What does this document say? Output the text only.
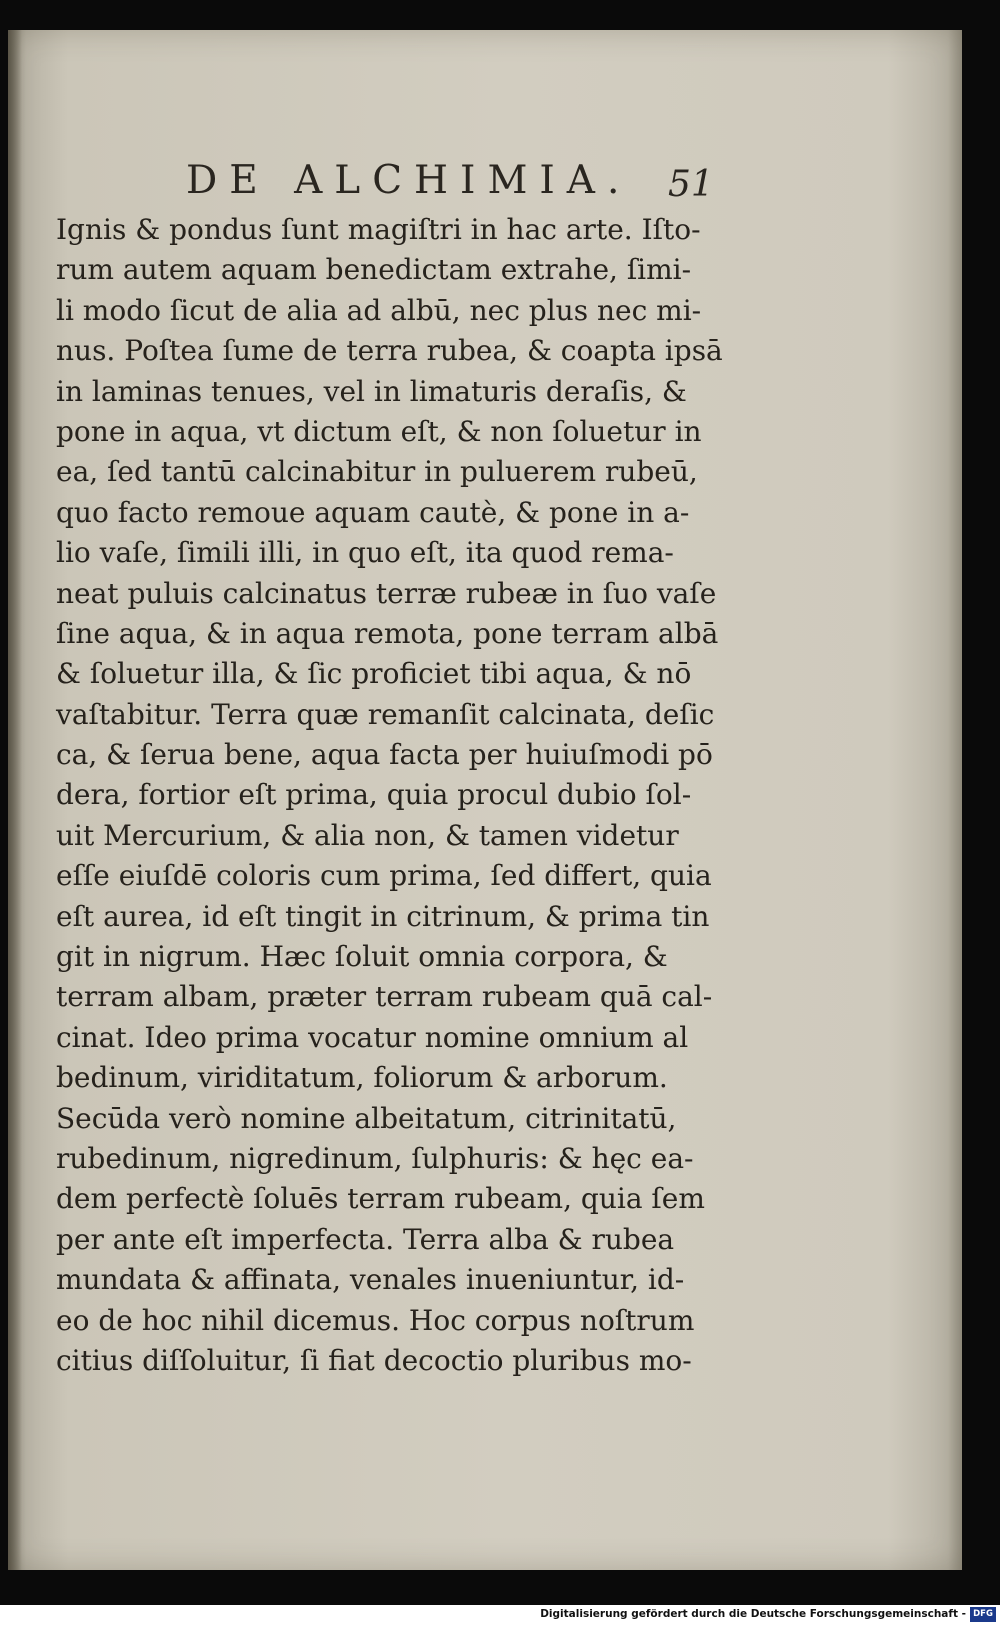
DE ALCHIMIA. 51
Ignis & pondus ſunt magiſtri in hac arte. Iſto-
rum autem aquam benedictam extrahe, ſimi-
li modo ſicut de alia ad albū, nec plus nec mi-
nus. Poſtea ſume de terra rubea, & coapta ipsā
in laminas tenues, vel in limaturis deraſis, &
pone in aqua, vt dictum eſt, & non ſoluetur in
ea, ſed tantū calcinabitur in puluerem rubeū,
quo facto remoue aquam cautè, & pone in a-
lio vaſe, ſimili illi, in quo eſt, ita quod rema-
neat puluis calcinatus terræ rubeæ in ſuo vaſe
ſine aqua, & in aqua remota, pone terram albā
& ſoluetur illa, & ſic proficiet tibi aqua, & nō
vaſtabitur. Terra quæ remanſit calcinata, deſic
ca, & ſerua bene, aqua facta per huiuſmodi pō
dera, fortior eſt prima, quia procul dubio ſol-
uit Mercurium, & alia non, & tamen videtur
eſſe eiuſdē coloris cum prima, ſed differt, quia
eſt aurea, id eſt tingit in citrinum, & prima tin
git in nigrum. Hæc ſoluit omnia corpora, &
terram albam, præter terram rubeam quā cal-
cinat. Ideo prima vocatur nomine omnium al
bedinum, viriditatum, foliorum & arborum.
Secūda verò nomine albeitatum, citrinitatū,
rubedinum, nigredinum, ſulphuris: & hęc ea-
dem perfectè ſoluēs terram rubeam, quia ſem
per ante eſt imperfecta. Terra alba & rubea
mundata & affinata, venales inueniuntur, id-
eo de hoc nihil dicemus. Hoc corpus noſtrum
citius diſſoluitur, ſi fiat decoctio pluribus mo-
Digitalisierung gefördert durch die Deutsche Forschungsgemeinschaft - DFG
